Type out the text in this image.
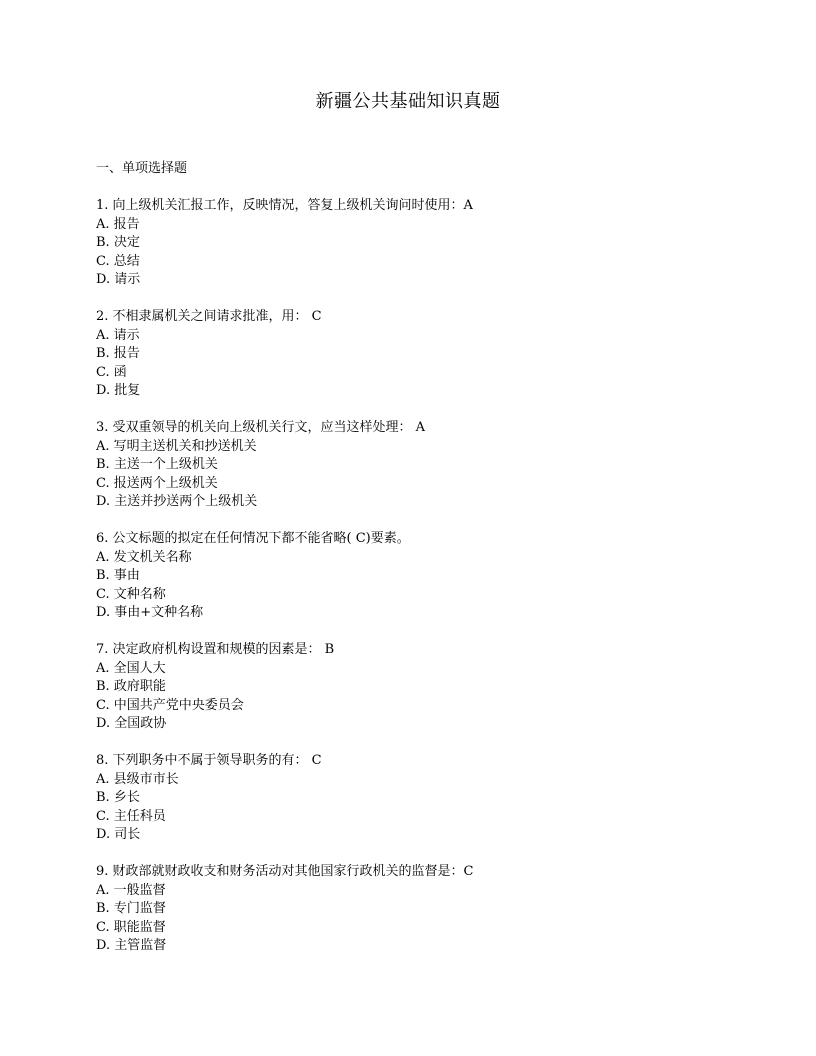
新疆公共基础知识真题
一、单项选择题
1. 向上级机关汇报工作，反映情况，答复上级机关询问时使用：A
A. 报告
B. 决定
C. 总结
D. 请示
2. 不相隶属机关之间请求批准，用： C
A. 请示
B. 报告
C. 函
D. 批复
3. 受双重领导的机关向上级机关行文，应当这样处理： A
A. 写明主送机关和抄送机关
B. 主送一个上级机关
C. 报送两个上级机关
D. 主送并抄送两个上级机关
6. 公文标题的拟定在任何情况下都不能省略( C)要素。
A. 发文机关名称
B. 事由
C. 文种名称
D. 事由+文种名称
7. 决定政府机构设置和规模的因素是： B
A. 全国人大
B. 政府职能
C. 中国共产党中央委员会
D. 全国政协
8. 下列职务中不属于领导职务的有： C
A. 县级市市长
B. 乡长
C. 主任科员
D. 司长
9. 财政部就财政收支和财务活动对其他国家行政机关的监督是：C
A. 一般监督
B. 专门监督
C. 职能监督
D. 主管监督
